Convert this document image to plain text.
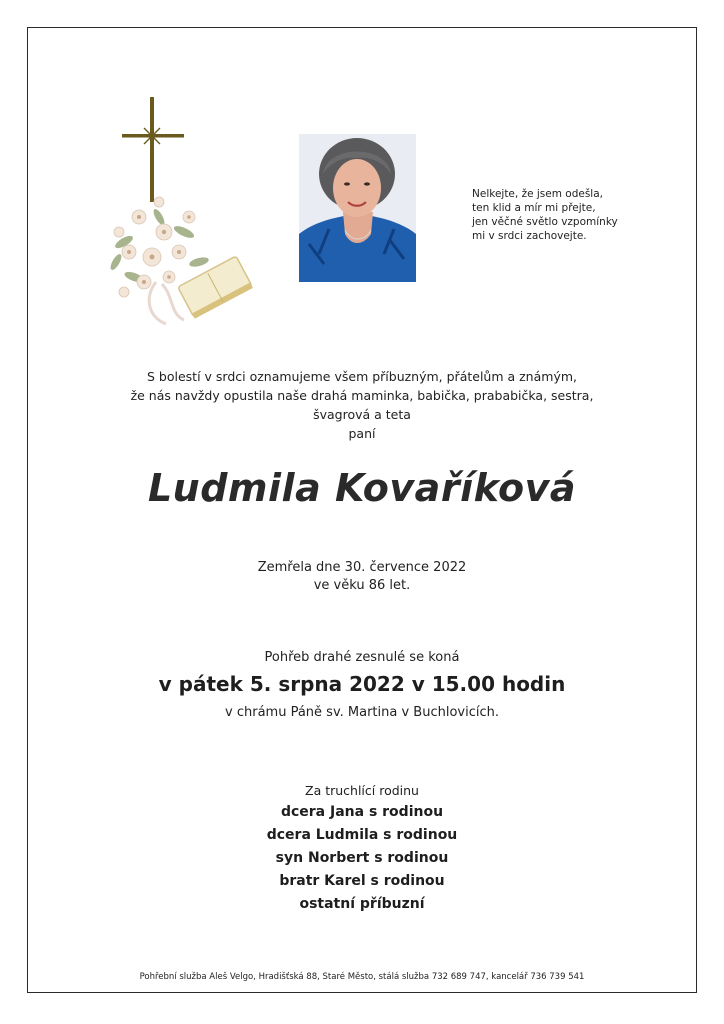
Nelkejte, že jsem odešla,
ten klid a mír mi přejte,
jen věčné světlo vzpomínky
mi v srdci zachovejte.
S bolestí v srdci oznamujeme všem příbuzným, přátelům a známým,
že nás navždy opustila naše drahá maminka, babička, prababička, sestra,
švagrová a teta
paní
Ludmila Kovaříková
Zemřela dne 30. července 2022
ve věku 86 let.
Pohřeb drahé zesnulé se koná
v pátek 5. srpna 2022 v 15.00 hodin
v chrámu Páně sv. Martina v Buchlovicích.
Za truchlící rodinu
dcera Jana s rodinou
dcera Ludmila s rodinou
syn Norbert s rodinou
bratr Karel s rodinou
ostatní příbuzní
Pohřební služba Aleš Velgo, Hradišťská 88, Staré Město, stálá služba 732 689 747, kancelář 736 739 541
